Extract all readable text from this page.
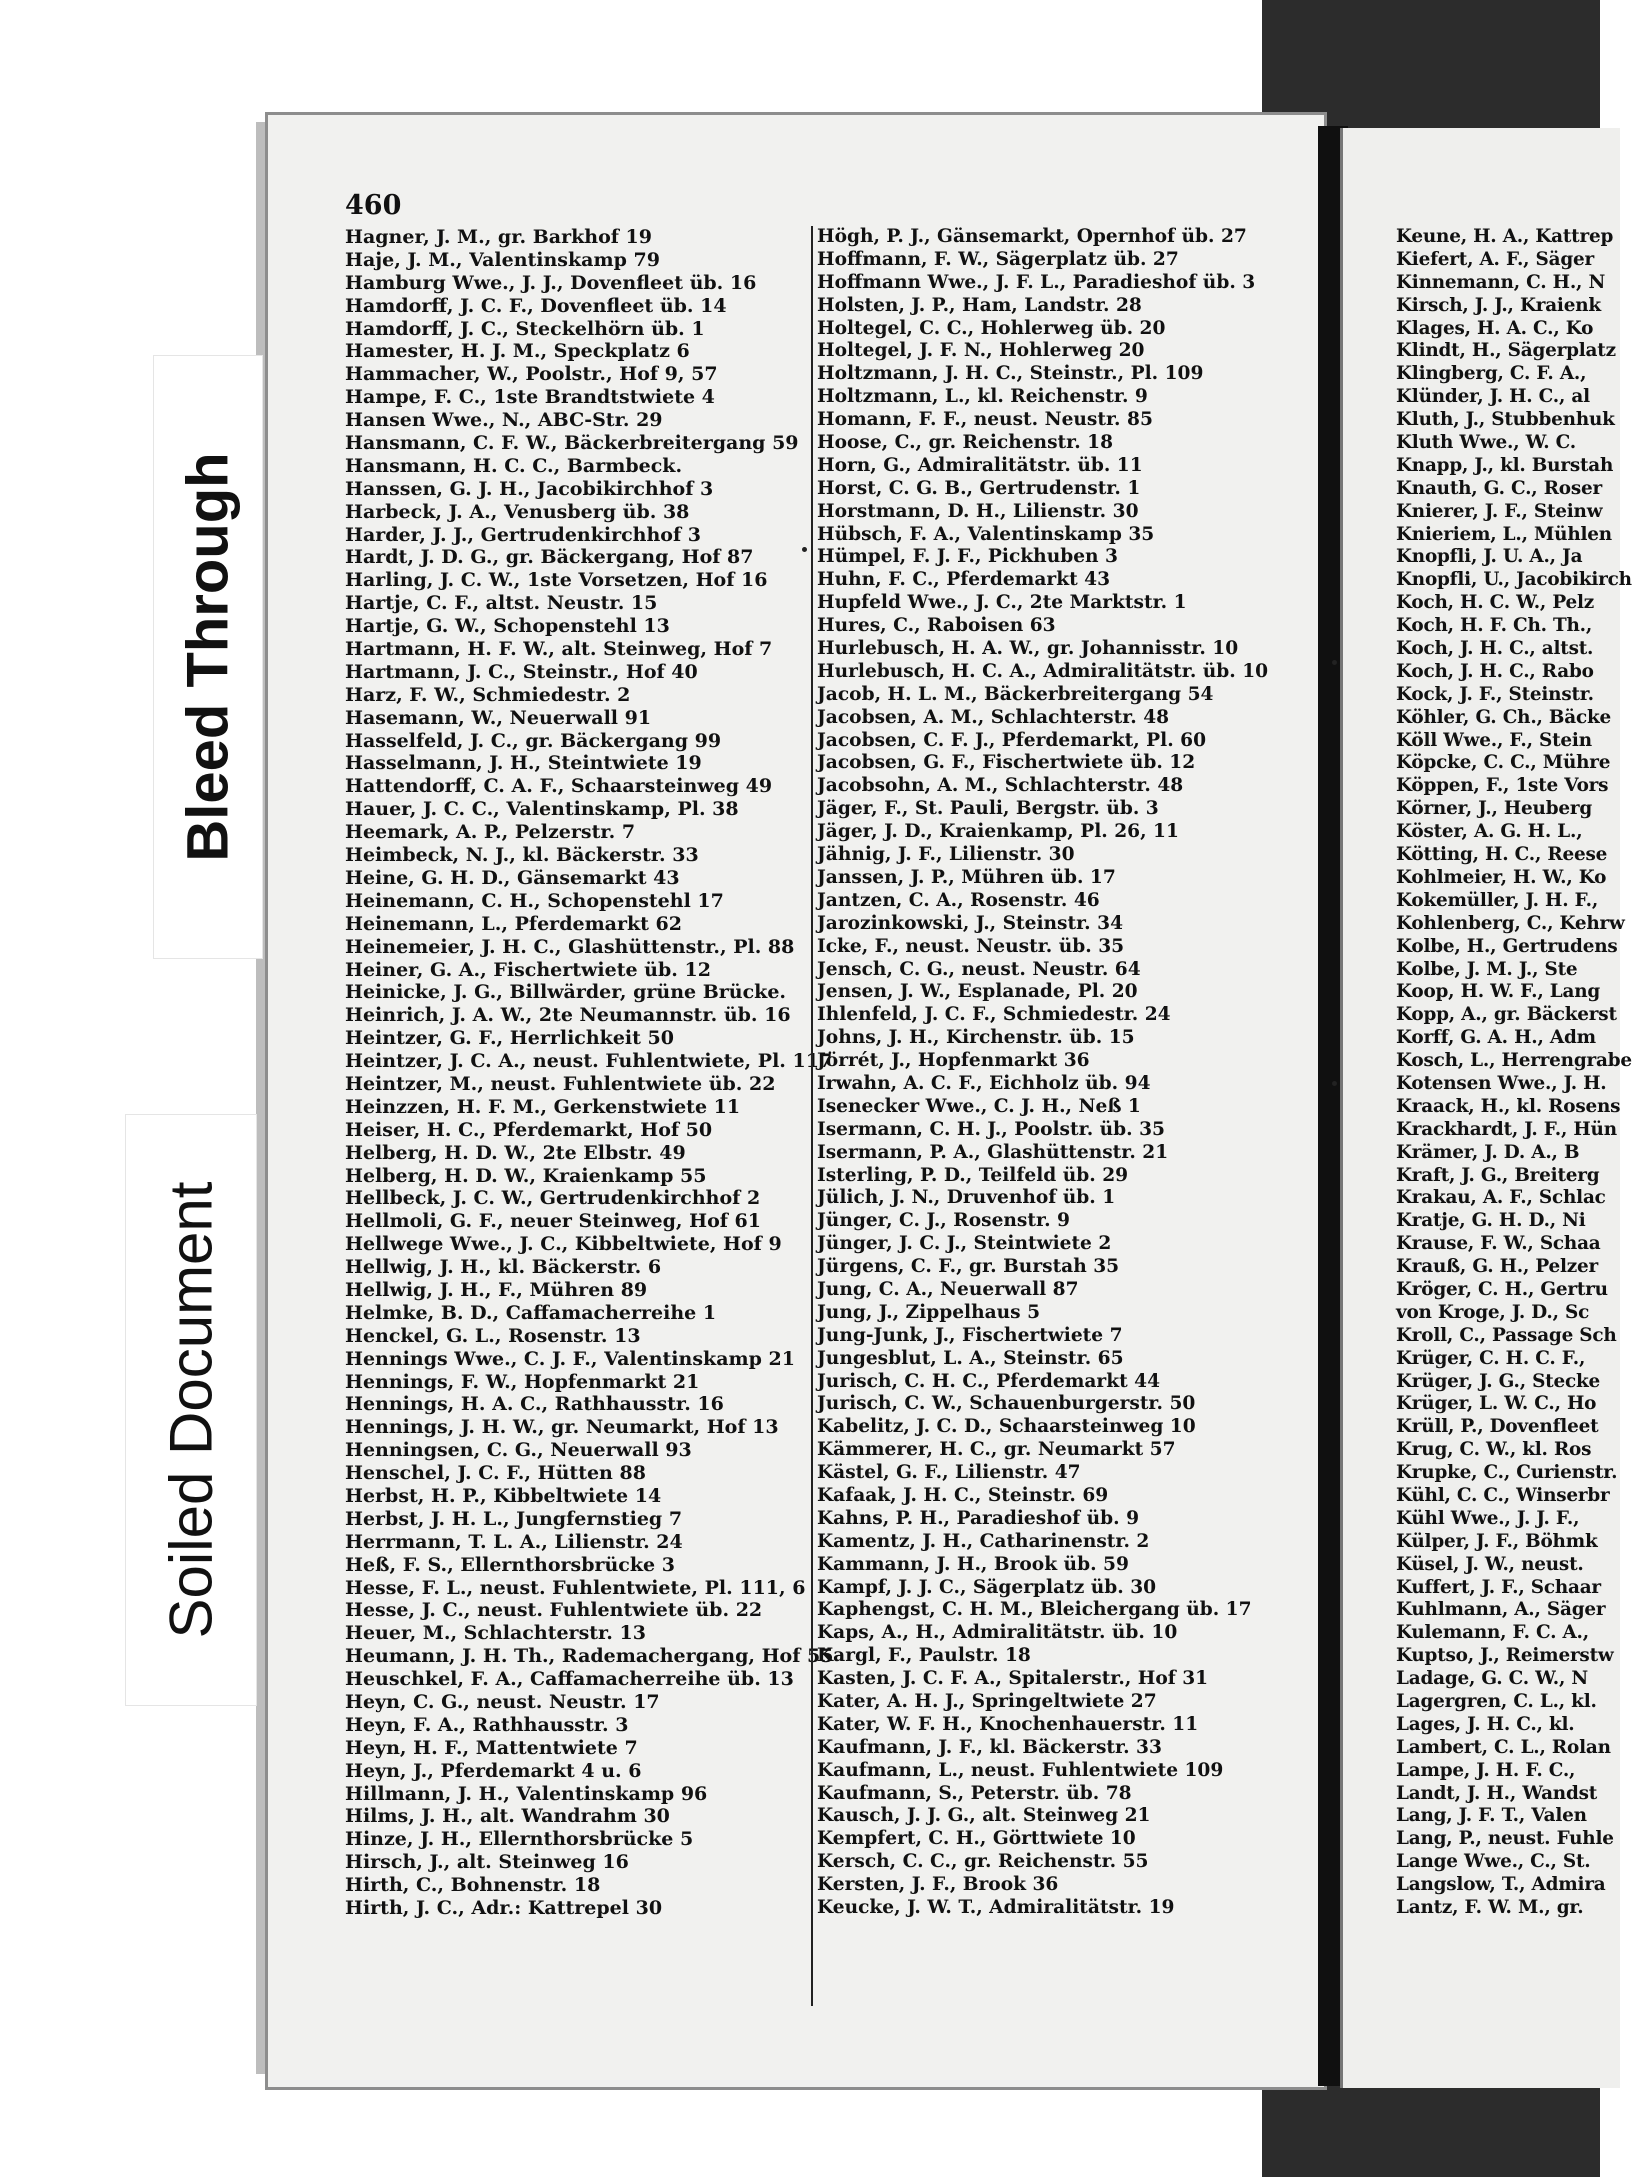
460
Hagner, J. M., gr. Barkhof 19
Haje, J. M., Valentinskamp 79
Hamburg Wwe., J. J., Dovenfleet üb. 16
Hamdorff, J. C. F., Dovenfleet üb. 14
Hamdorff, J. C., Steckelhörn üb. 1
Hamester, H. J. M., Speckplatz 6
Hammacher, W., Poolstr., Hof 9, 57
Hampe, F. C., 1ste Brandtstwiete 4
Hansen Wwe., N., ABC-Str. 29
Hansmann, C. F. W., Bäckerbreitergang 59
Hansmann, H. C. C., Barmbeck.
Hanssen, G. J. H., Jacobikirchhof 3
Harbeck, J. A., Venusberg üb. 38
Harder, J. J., Gertrudenkirchhof 3
Hardt, J. D. G., gr. Bäckergang, Hof 87
Harling, J. C. W., 1ste Vorsetzen, Hof 16
Hartje, C. F., altst. Neustr. 15
Hartje, G. W., Schopenstehl 13
Hartmann, H. F. W., alt. Steinweg, Hof 7
Hartmann, J. C., Steinstr., Hof 40
Harz, F. W., Schmiedestr. 2
Hasemann, W., Neuerwall 91
Hasselfeld, J. C., gr. Bäckergang 99
Hasselmann, J. H., Steintwiete 19
Hattendorff, C. A. F., Schaarsteinweg 49
Hauer, J. C. C., Valentinskamp, Pl. 38
Heemark, A. P., Pelzerstr. 7
Heimbeck, N. J., kl. Bäckerstr. 33
Heine, G. H. D., Gänsemarkt 43
Heinemann, C. H., Schopenstehl 17
Heinemann, L., Pferdemarkt 62
Heinemeier, J. H. C., Glashüttenstr., Pl. 88
Heiner, G. A., Fischertwiete üb. 12
Heinicke, J. G., Billwärder, grüne Brücke.
Heinrich, J. A. W., 2te Neumannstr. üb. 16
Heintzer, G. F., Herrlichkeit 50
Heintzer, J. C. A., neust. Fuhlentwiete, Pl. 117
Heintzer, M., neust. Fuhlentwiete üb. 22
Heinzzen, H. F. M., Gerkenstwiete 11
Heiser, H. C., Pferdemarkt, Hof 50
Helberg, H. D. W., 2te Elbstr. 49
Helberg, H. D. W., Kraienkamp 55
Hellbeck, J. C. W., Gertrudenkirchhof 2
Hellmoli, G. F., neuer Steinweg, Hof 61
Hellwege Wwe., J. C., Kibbeltwiete, Hof 9
Hellwig, J. H., kl. Bäckerstr. 6
Hellwig, J. H., F., Mühren 89
Helmke, B. D., Caffamacherreihe 1
Henckel, G. L., Rosenstr. 13
Hennings Wwe., C. J. F., Valentinskamp 21
Hennings, F. W., Hopfenmarkt 21
Hennings, H. A. C., Rathhausstr. 16
Hennings, J. H. W., gr. Neumarkt, Hof 13
Henningsen, C. G., Neuerwall 93
Henschel, J. C. F., Hütten 88
Herbst, H. P., Kibbeltwiete 14
Herbst, J. H. L., Jungfernstieg 7
Herrmann, T. L. A., Lilienstr. 24
Heß, F. S., Ellernthorsbrücke 3
Hesse, F. L., neust. Fuhlentwiete, Pl. 111, 6
Hesse, J. C., neust. Fuhlentwiete üb. 22
Heuer, M., Schlachterstr. 13
Heumann, J. H. Th., Rademachergang, Hof 55
Heuschkel, F. A., Caffamacherreihe üb. 13
Heyn, C. G., neust. Neustr. 17
Heyn, F. A., Rathhausstr. 3
Heyn, H. F., Mattentwiete 7
Heyn, J., Pferdemarkt 4 u. 6
Hillmann, J. H., Valentinskamp 96
Hilms, J. H., alt. Wandrahm 30
Hinze, J. H., Ellernthorsbrücke 5
Hirsch, J., alt. Steinweg 16
Hirth, C., Bohnenstr. 18
Hirth, J. C., Adr.: Kattrepel 30
Högh, P. J., Gänsemarkt, Opernhof üb. 27
Hoffmann, F. W., Sägerplatz üb. 27
Hoffmann Wwe., J. F. L., Paradieshof üb. 3
Holsten, J. P., Ham, Landstr. 28
Holtegel, C. C., Hohlerweg üb. 20
Holtegel, J. F. N., Hohlerweg 20
Holtzmann, J. H. C., Steinstr., Pl. 109
Holtzmann, L., kl. Reichenstr. 9
Homann, F. F., neust. Neustr. 85
Hoose, C., gr. Reichenstr. 18
Horn, G., Admiralitätstr. üb. 11
Horst, C. G. B., Gertrudenstr. 1
Horstmann, D. H., Lilienstr. 30
Hübsch, F. A., Valentinskamp 35
Hümpel, F. J. F., Pickhuben 3
Huhn, F. C., Pferdemarkt 43
Hupfeld Wwe., J. C., 2te Marktstr. 1
Hures, C., Raboisen 63
Hurlebusch, H. A. W., gr. Johannisstr. 10
Hurlebusch, H. C. A., Admiralitätstr. üb. 10
Jacob, H. L. M., Bäckerbreitergang 54
Jacobsen, A. M., Schlachterstr. 48
Jacobsen, C. F. J., Pferdemarkt, Pl. 60
Jacobsen, G. F., Fischertwiete üb. 12
Jacobsohn, A. M., Schlachterstr. 48
Jäger, F., St. Pauli, Bergstr. üb. 3
Jäger, J. D., Kraienkamp, Pl. 26, 11
Jähnig, J. F., Lilienstr. 30
Janssen, J. P., Mühren üb. 17
Jantzen, C. A., Rosenstr. 46
Jarozinkowski, J., Steinstr. 34
Icke, F., neust. Neustr. üb. 35
Jensch, C. G., neust. Neustr. 64
Jensen, J. W., Esplanade, Pl. 20
Ihlenfeld, J. C. F., Schmiedestr. 24
Johns, J. H., Kirchenstr. üb. 15
Jörrét, J., Hopfenmarkt 36
Irwahn, A. C. F., Eichholz üb. 94
Isenecker Wwe., C. J. H., Neß 1
Isermann, C. H. J., Poolstr. üb. 35
Isermann, P. A., Glashüttenstr. 21
Isterling, P. D., Teilfeld üb. 29
Jülich, J. N., Druvenhof üb. 1
Jünger, C. J., Rosenstr. 9
Jünger, J. C. J., Steintwiete 2
Jürgens, C. F., gr. Burstah 35
Jung, C. A., Neuerwall 87
Jung, J., Zippelhaus 5
Jung-Junk, J., Fischertwiete 7
Jungesblut, L. A., Steinstr. 65
Jurisch, C. H. C., Pferdemarkt 44
Jurisch, C. W., Schauenburgerstr. 50
Kabelitz, J. C. D., Schaarsteinweg 10
Kämmerer, H. C., gr. Neumarkt 57
Kästel, G. F., Lilienstr. 47
Kafaak, J. H. C., Steinstr. 69
Kahns, P. H., Paradieshof üb. 9
Kamentz, J. H., Catharinenstr. 2
Kammann, J. H., Brook üb. 59
Kampf, J. J. C., Sägerplatz üb. 30
Kaphengst, C. H. M., Bleichergang üb. 17
Kaps, A., H., Admiralitätstr. üb. 10
Kargl, F., Paulstr. 18
Kasten, J. C. F. A., Spitalerstr., Hof 31
Kater, A. H. J., Springeltwiete 27
Kater, W. F. H., Knochenhauerstr. 11
Kaufmann, J. F., kl. Bäckerstr. 33
Kaufmann, L., neust. Fuhlentwiete 109
Kaufmann, S., Peterstr. üb. 78
Kausch, J. J. G., alt. Steinweg 21
Kempfert, C. H., Görttwiete 10
Kersch, C. C., gr. Reichenstr. 55
Kersten, J. F., Brook 36
Keucke, J. W. T., Admiralitätstr. 19
Keune, H. A., Kattrep
Kiefert, A. F., Säger
Kinnemann, C. H., N
Kirsch, J. J., Kraienk
Klages, H. A. C., Ko
Klindt, H., Sägerplatz
Klingberg, C. F. A.,
Klünder, J. H. C., al
Kluth, J., Stubbenhuk
Kluth Wwe., W. C.
Knapp, J., kl. Burstah
Knauth, G. C., Roser
Knierer, J. F., Steinw
Knieriem, L., Mühlen
Knopfli, J. U. A., Ja
Knopfli, U., Jacobikirch
Koch, H. C. W., Pelz
Koch, H. F. Ch. Th.,
Koch, J. H. C., altst.
Koch, J. H. C., Rabo
Kock, J. F., Steinstr.
Köhler, G. Ch., Bäcke
Köll Wwe., F., Stein
Köpcke, C. C., Mühre
Köppen, F., 1ste Vors
Körner, J., Heuberg
Köster, A. G. H. L.,
Kötting, H. C., Reese
Kohlmeier, H. W., Ko
Kokemüller, J. H. F.,
Kohlenberg, C., Kehrw
Kolbe, H., Gertrudens
Kolbe, J. M. J., Ste
Koop, H. W. F., Lang
Kopp, A., gr. Bäckerst
Korff, G. A. H., Adm
Kosch, L., Herrengrabe
Kotensen Wwe., J. H.
Kraack, H., kl. Rosens
Krackhardt, J. F., Hün
Krämer, J. D. A., B
Kraft, J. G., Breiterg
Krakau, A. F., Schlac
Kratje, G. H. D., Ni
Krause, F. W., Schaa
Krauß, G. H., Pelzer
Kröger, C. H., Gertru
von Kroge, J. D., Sc
Kroll, C., Passage Sch
Krüger, C. H. C. F.,
Krüger, J. G., Stecke
Krüger, L. W. C., Ho
Krüll, P., Dovenfleet
Krug, C. W., kl. Ros
Krupke, C., Curienstr.
Kühl, C. C., Winserbr
Kühl Wwe., J. J. F.,
Külper, J. F., Böhmk
Küsel, J. W., neust.
Kuffert, J. F., Schaar
Kuhlmann, A., Säger
Kulemann, F. C. A.,
Kuptso, J., Reimerstw
Ladage, G. C. W., N
Lagergren, C. L., kl.
Lages, J. H. C., kl.
Lambert, C. L., Rolan
Lampe, J. H. F. C.,
Landt, J. H., Wandst
Lang, J. F. T., Valen
Lang, P., neust. Fuhle
Lange Wwe., C., St.
Langslow, T., Admira
Lantz, F. W. M., gr.
Bleed Through
Soiled Document
